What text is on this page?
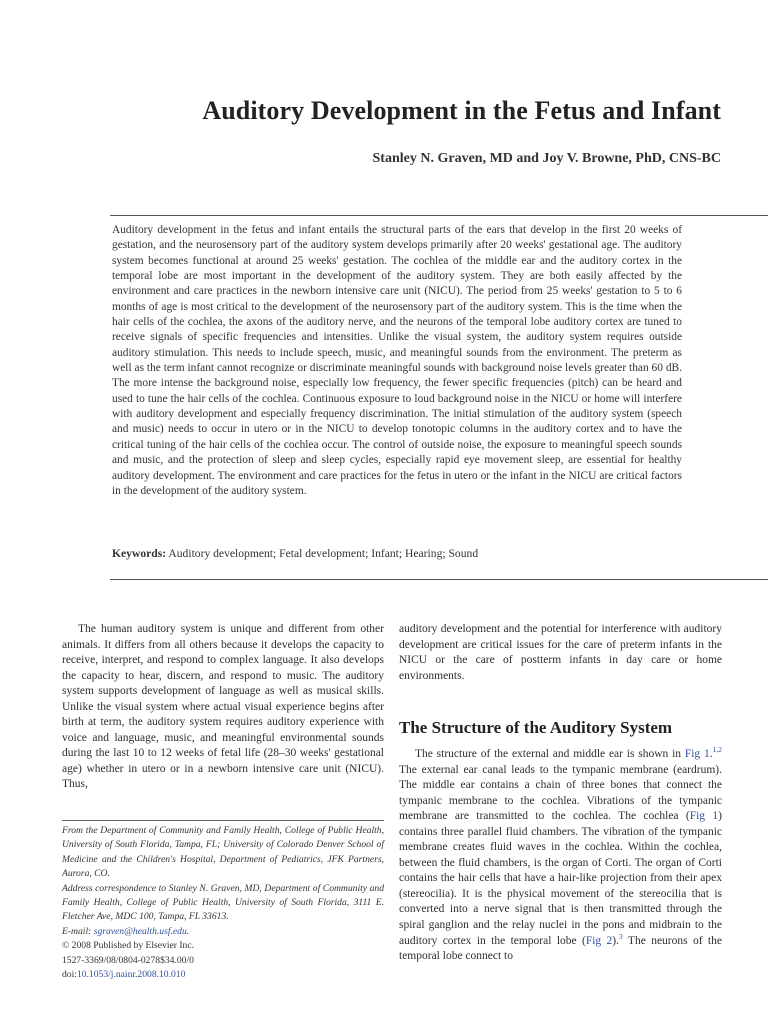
Auditory Development in the Fetus and Infant
Stanley N. Graven, MD and Joy V. Browne, PhD, CNS-BC

Auditory development in the fetus and infant entails the structural parts of the ears that develop in the first 20 weeks of gestation, and the neurosensory part of the auditory system develops primarily after 20 weeks' gestational age. The auditory system becomes functional at around 25 weeks' gestation. The cochlea of the middle ear and the auditory cortex in the temporal lobe are most important in the development of the auditory system. They are both easily affected by the environment and care practices in the newborn intensive care unit (NICU). The period from 25 weeks' gestation to 5 to 6 months of age is most critical to the development of the neurosensory part of the auditory system. This is the time when the hair cells of the cochlea, the axons of the auditory nerve, and the neurons of the temporal lobe auditory cortex are tuned to receive signals of specific frequencies and intensities. Unlike the visual system, the auditory system requires outside auditory stimulation. This needs to include speech, music, and meaningful sounds from the environment. The preterm as well as the term infant cannot recognize or discriminate meaningful sounds with background noise levels greater than 60 dB. The more intense the background noise, especially low frequency, the fewer specific frequencies (pitch) can be heard and used to tune the hair cells of the cochlea. Continuous exposure to loud background noise in the NICU or home will interfere with auditory development and especially frequency discrimination. The initial stimulation of the auditory system (speech and music) needs to occur in utero or in the NICU to develop tonotopic columns in the auditory cortex and to have the critical tuning of the hair cells of the cochlea occur. The control of outside noise, the exposure to meaningful speech sounds and music, and the protection of sleep and sleep cycles, especially rapid eye movement sleep, are essential for healthy auditory development. The environment and care practices for the fetus in utero or the infant in the NICU are critical factors in the development of the auditory system.

Keywords: Auditory development; Fetal development; Infant; Hearing; Sound

The human auditory system is unique and different from other animals. It differs from all others because it develops the capacity to receive, interpret, and respond to complex language. It also develops the capacity to hear, discern, and respond to music. The auditory system supports development of language as well as musical skills. Unlike the visual system where actual visual experience begins after birth at term, the auditory system requires auditory experience with voice and language, music, and meaningful environmental sounds during the last 10 to 12 weeks of fetal life (28–30 weeks' gestational age) whether in utero or in a newborn intensive care unit (NICU). Thus,

auditory development and the potential for interference with auditory development are critical issues for the care of preterm infants in the NICU or the care of postterm infants in day care or home environments.

The Structure of the Auditory System

The structure of the external and middle ear is shown in Fig 1.$^{1,2}$ The external ear canal leads to the tympanic membrane (eardrum). The middle ear contains a chain of three bones that connect the tympanic membrane to the cochlea. Vibrations of the tympanic membrane are transmitted to the cochlea. The cochlea (Fig 1) contains three parallel fluid chambers. The vibration of the tympanic membrane creates fluid waves in the cochlea. Within the cochlea, between the fluid chambers, is the organ of Corti. The organ of Corti contains the hair cells that have a hair-like projection from their apex (stereocilia). It is the physical movement of the stereocilia that is converted into a nerve signal that is then transmitted through the spiral ganglion and the relay nuclei in the pons and midbrain to the auditory cortex in the temporal lobe (Fig 2).$^3$ The neurons of the temporal lobe connect to

From the Department of Community and Family Health, College of Public Health, University of South Florida, Tampa, FL; University of Colorado Denver School of Medicine and the Children's Hospital, Department of Pediatrics, JFK Partners, Aurora, CO.

Address correspondence to Stanley N. Graven, MD, Department of Community and Family Health, College of Public Health, University of South Florida, 3111 E. Fletcher Ave, MDC 100, Tampa, FL 33613.

E-mail: sgraven@health.usf.edu.

© 2008 Published by Elsevier Inc.

1527-3369/08/0804-0278$34.00/0

doi:10.1053/j.nainr.2008.10.010
